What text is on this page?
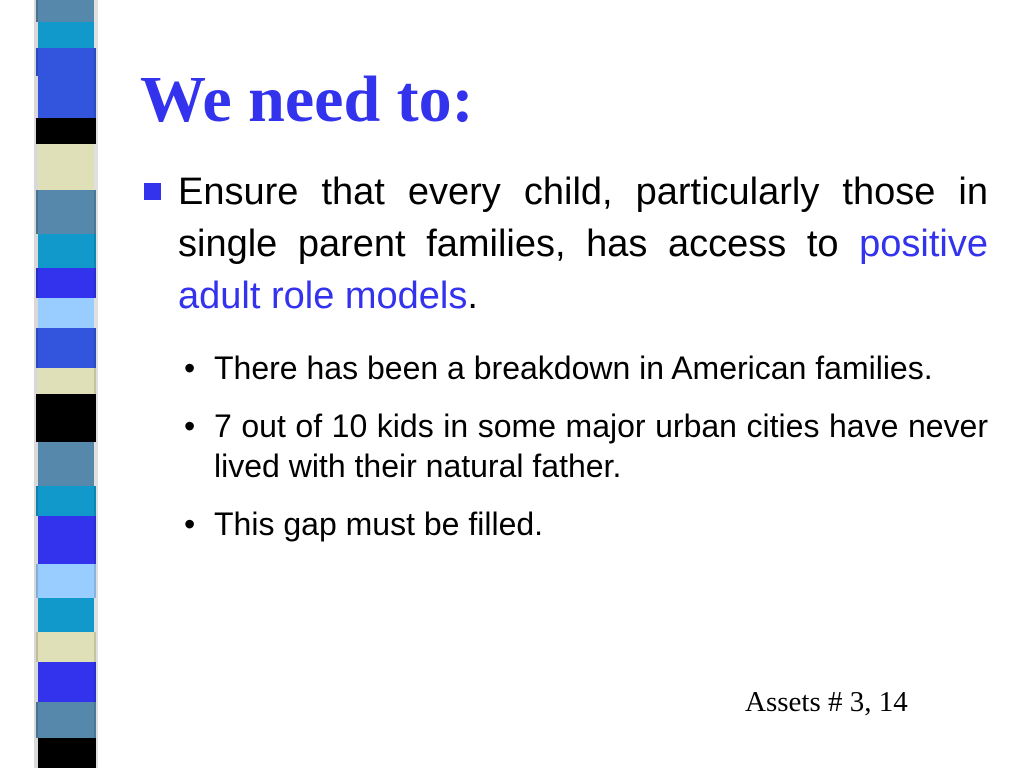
We need to:
Ensure that every child, particularly those in single parent families, has access to positive adult role models.
• There has been a breakdown in American families.
• 7 out of 10 kids in some major urban cities have never lived with their natural father.
• This gap must be filled.
Assets # 3, 14
